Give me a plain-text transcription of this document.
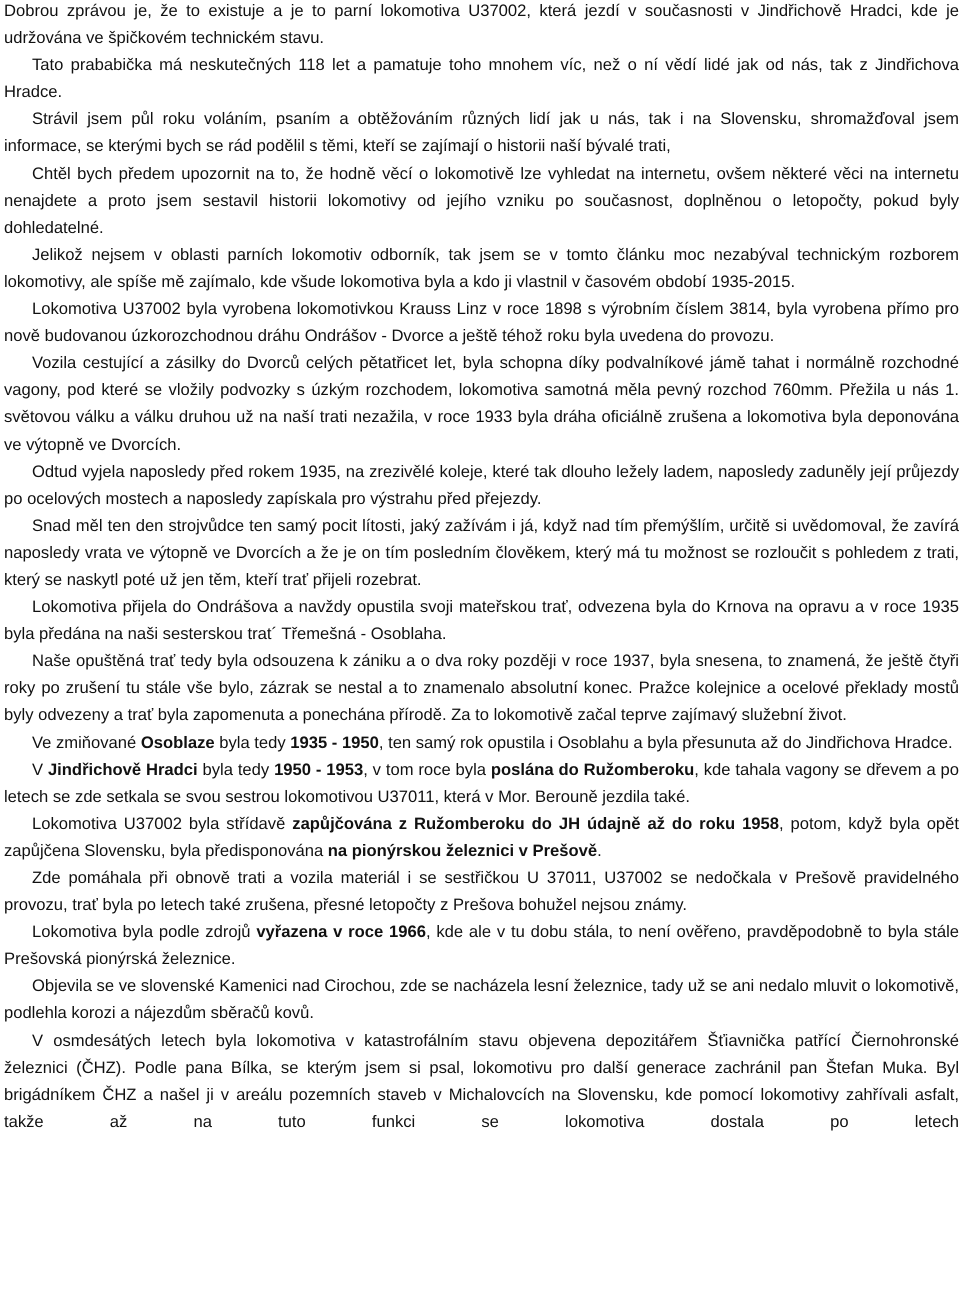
Dobrou zprávou je, že to existuje a je to parní lokomotiva U37002, která jezdí v současnosti v Jindřichově Hradci, kde je udržována ve špičkovém technickém stavu.

Tato prababička má neskutečných 118 let a pamatuje toho mnohem víc, než o ní vědí lidé jak od nás, tak z Jindřichova Hradce.

Strávil jsem půl roku voláním, psaním a obtěžováním různých lidí jak u nás, tak i na Slovensku, shromažďoval jsem informace, se kterými bych se rád podělil s těmi, kteří se zajímají o historii naší bývalé trati,

Chtěl bych předem upozornit na to, že hodně věcí o lokomotivě lze vyhledat na internetu, ovšem některé věci na internetu nenajdete a proto jsem sestavil historii lokomotivy od jejího vzniku po současnost, doplněnou o letopočty, pokud byly dohledatelné.

Jelikož nejsem v oblasti parních lokomotiv odborník, tak jsem se v tomto článku moc nezabýval technickým rozborem lokomotivy, ale spíše mě zajímalo, kde všude lokomotiva byla a kdo ji vlastnil v časovém období 1935-2015.

Lokomotiva U37002 byla vyrobena lokomotivkou Krauss Linz v roce 1898 s výrobním číslem 3814, byla vyrobena přímo pro nově budovanou úzkorozchodnou dráhu Ondrášov - Dvorce a ještě téhož roku byla uvedena do provozu.

Vozila cestující a zásilky do Dvorců celých pětatřicet let, byla schopna díky podvalníkové jámě tahat i normálně rozchodné vagony, pod které se vložily podvozky s úzkým rozchodem, lokomotiva samotná měla pevný rozchod 760mm. Přežila u nás 1. světovou válku a válku druhou už na naší trati nezažila, v roce 1933 byla dráha oficiálně zrušena a lokomotiva byla deponována ve výtopně ve Dvorcích.

Odtud vyjela naposledy před rokem 1935, na zrezivělé koleje, které tak dlouho ležely ladem, naposledy zaduněly její průjezdy po ocelových mostech a naposledy zapískala pro výstrahu před přejezdy.

Snad měl ten den strojvůdce ten samý pocit lítosti, jaký zažívám i já, když nad tím přemýšlím, určitě si uvědomoval, že zavírá naposledy vrata ve výtopně ve Dvorcích a že je on tím posledním člověkem, který má tu možnost se rozloučit s pohledem z trati, který se naskytl poté už jen těm, kteří trať přijeli rozebrat.

Lokomotiva přijela do Ondrášova a navždy opustila svoji mateřskou trať, odvezena byla do Krnova na opravu a v roce 1935 byla předána na naši sesterskou trat´ Třemešná - Osoblaha.

Naše opuštěná trať tedy byla odsouzena k zániku a o dva roky později v roce 1937, byla snesena, to znamená, že ještě čtyři roky po zrušení tu stále vše bylo, zázrak se nestal a to znamenalo absolutní konec. Pražce kolejnice a ocelové překlady mostů byly odvezeny a trať byla zapomenuta a ponechána přírodě. Za to lokomotivě začal teprve zajímavý služební život.

Ve zmiňované Osoblaze byla tedy 1935 - 1950, ten samý rok opustila i Osoblahu a byla přesunuta až do Jindřichova Hradce.

V Jindřichově Hradci byla tedy 1950 - 1953, v tom roce byla poslána do Ružomberoku, kde tahala vagony se dřevem a po letech se zde setkala se svou sestrou lokomotivou U37011, která v Mor. Berouně jezdila také.

Lokomotiva U37002 byla střídavě zapůjčována z Ružomberoku do JH údajně až do roku 1958, potom, když byla opět zapůjčena Slovensku, byla předisponována na pionýrskou železnici v Prešově.

Zde pomáhala při obnově trati a vozila materiál i se sestřičkou U 37011, U37002 se nedočkala v Prešově pravidelného provozu, trať byla po letech také zrušena, přesné letopočty z Prešova bohužel nejsou známy.

Lokomotiva byla podle zdrojů vyřazena v roce 1966, kde ale v tu dobu stála, to není ověřeno, pravděpodobně to byla stále Prešovská pionýrská železnice.

Objevila se ve slovenské Kamenici nad Cirochou, zde se nacházela lesní železnice, tady už se ani nedalo mluvit o lokomotivě, podlehla korozi a nájezdům sběračů kovů.

V osmdesátých letech byla lokomotiva v katastrofálním stavu objevena depozitářem Šťiavnička patřící Čiernohronské železnici (ČHZ). Podle pana Bílka, se kterým jsem si psal, lokomotivu pro další generace zachránil pan Štefan Muka. Byl brigádníkem ČHZ a našel ji v areálu pozemních staveb v Michalovcích na Slovensku, kde pomocí lokomotivy zahřívali asfalt, takže až na tuto funkci se lokomotiva dostala po letech
